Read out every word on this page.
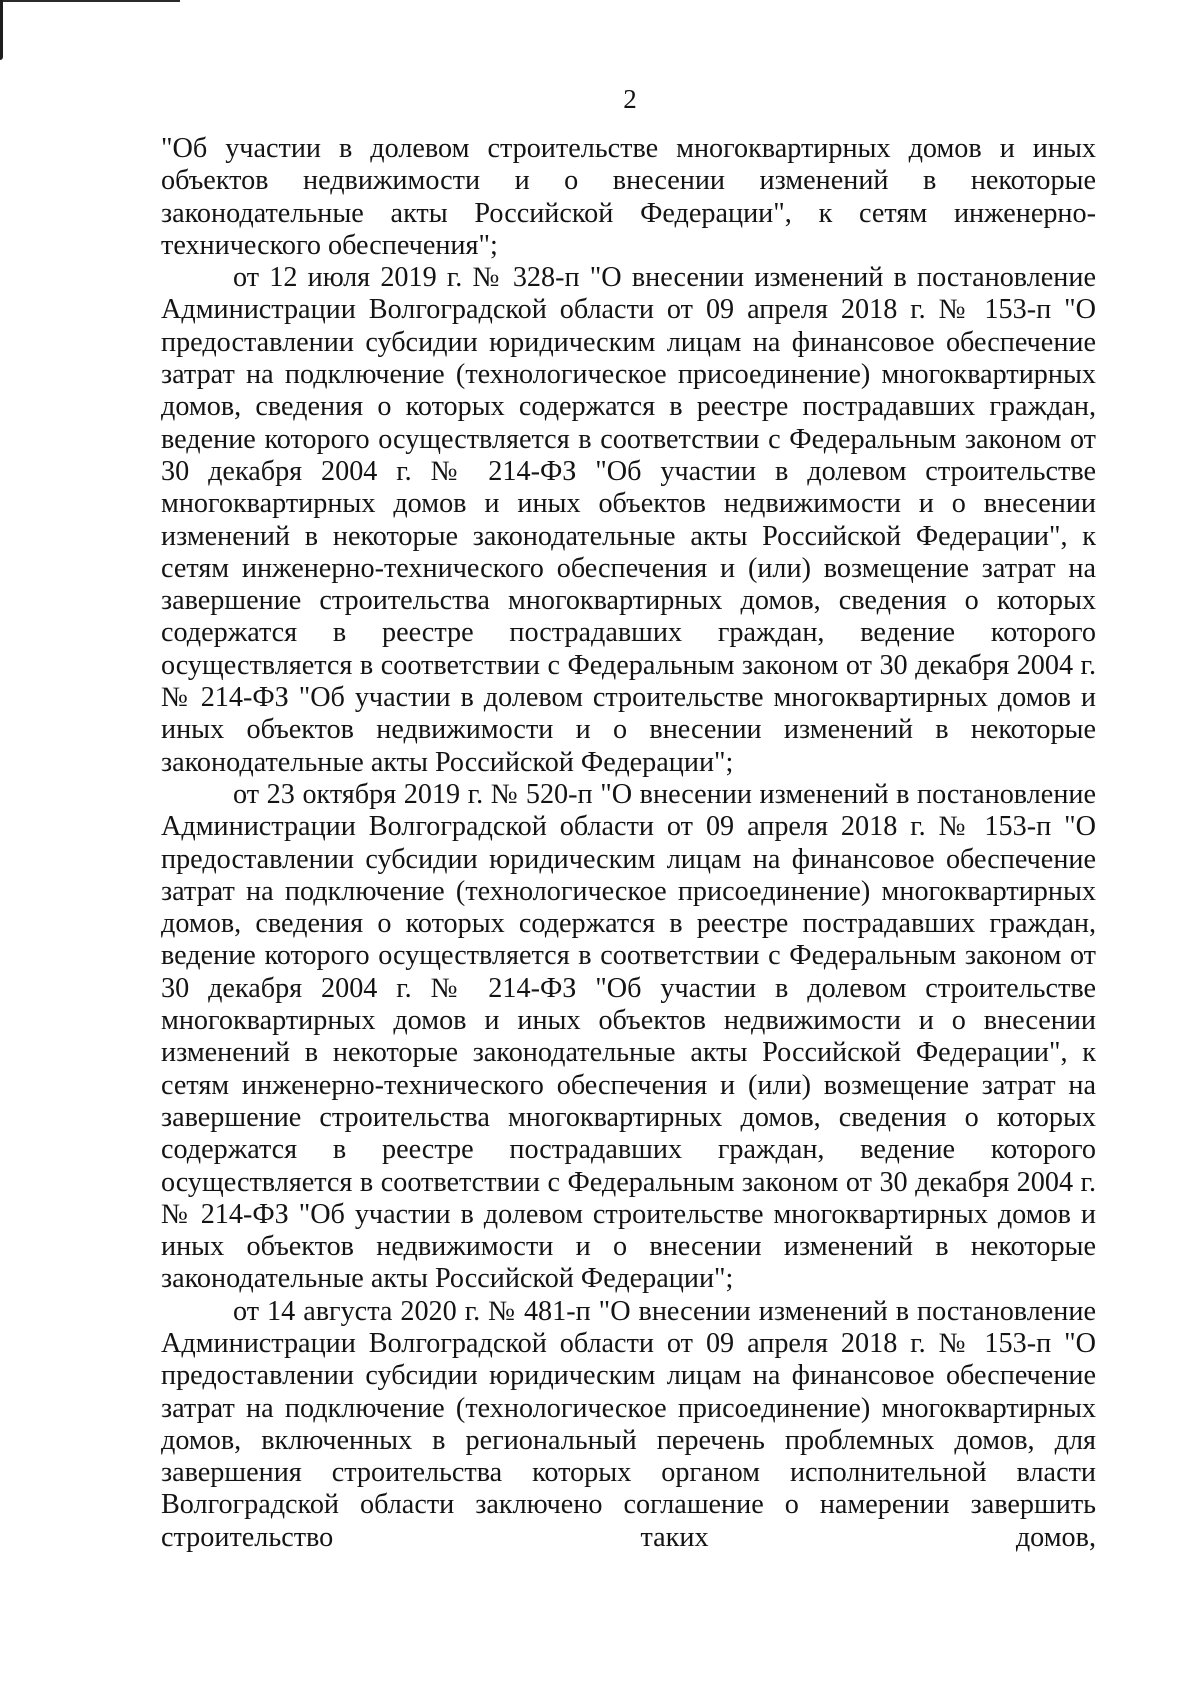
2

"Об участии в долевом строительстве многоквартирных домов и иных объектов недвижимости и о внесении изменений в некоторые законодательные акты Российской Федерации", к сетям инженерно-технического обеспечения";

от 12 июля 2019 г. № 328-п "О внесении изменений в постановление Администрации Волгоградской области от 09 апреля 2018 г. № 153-п "О предоставлении субсидии юридическим лицам на финансовое обеспечение затрат на подключение (технологическое присоединение) многоквартирных домов, сведения о которых содержатся в реестре пострадавших граждан, ведение которого осуществляется в соответствии с Федеральным законом от 30 декабря 2004 г. № 214-ФЗ "Об участии в долевом строительстве многоквартирных домов и иных объектов недвижимости и о внесении изменений в некоторые законодательные акты Российской Федерации", к сетям инженерно-технического обеспечения и (или) возмещение затрат на завершение строительства многоквартирных домов, сведения о которых содержатся в реестре пострадавших граждан, ведение которого осуществляется в соответствии с Федеральным законом от 30 декабря 2004 г. № 214-ФЗ "Об участии в долевом строительстве многоквартирных домов и иных объектов недвижимости и о внесении изменений в некоторые законодательные акты Российской Федерации";

от 23 октября 2019 г. № 520-п "О внесении изменений в постановление Администрации Волгоградской области от 09 апреля 2018 г. № 153-п "О предоставлении субсидии юридическим лицам на финансовое обеспечение затрат на подключение (технологическое присоединение) многоквартирных домов, сведения о которых содержатся в реестре пострадавших граждан, ведение которого осуществляется в соответствии с Федеральным законом от 30 декабря 2004 г. № 214-ФЗ "Об участии в долевом строительстве многоквартирных домов и иных объектов недвижимости и о внесении изменений в некоторые законодательные акты Российской Федерации", к сетям инженерно-технического обеспечения и (или) возмещение затрат на завершение строительства многоквартирных домов, сведения о которых содержатся в реестре пострадавших граждан, ведение которого осуществляется в соответствии с Федеральным законом от 30 декабря 2004 г. № 214-ФЗ "Об участии в долевом строительстве многоквартирных домов и иных объектов недвижимости и о внесении изменений в некоторые законодательные акты Российской Федерации";

от 14 августа 2020 г. № 481-п "О внесении изменений в постановление Администрации Волгоградской области от 09 апреля 2018 г. № 153-п "О предоставлении субсидии юридическим лицам на финансовое обеспечение затрат на подключение (технологическое присоединение) многоквартирных домов, включенных в региональный перечень проблемных домов, для завершения строительства которых органом исполнительной власти Волгоградской области заключено соглашение о намерении завершить строительство таких домов,
